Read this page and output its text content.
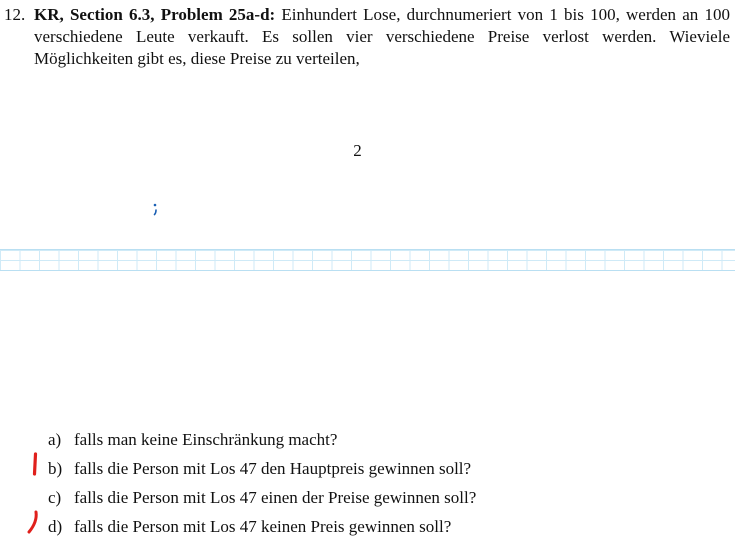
12. KR, Section 6.3, Problem 25a-d: Einhundert Lose, durchnumeriert von 1 bis 100, werden an 100 verschiedene Leute verkauft. Es sollen vier verschiedene Preise verlost werden. Wieviele Möglichkeiten gibt es, diese Preise zu verteilen,
2
a) falls man keine Einschränkung macht?
b) falls die Person mit Los 47 den Hauptpreis gewinnen soll?
c) falls die Person mit Los 47 einen der Preise gewinnen soll?
d) falls die Person mit Los 47 keinen Preis gewinnen soll?
